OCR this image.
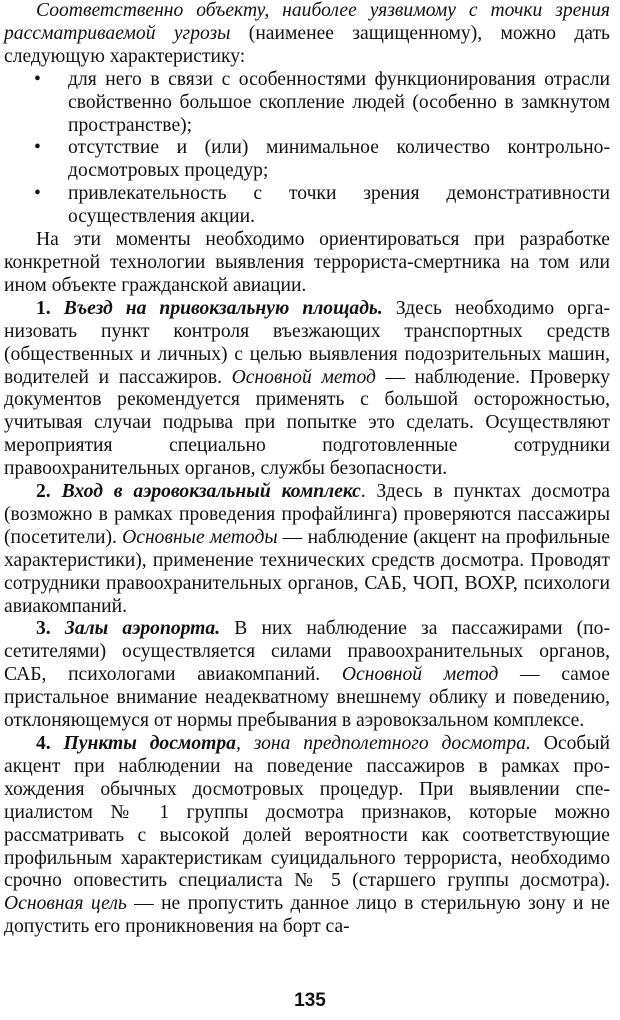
Соответственно объекту, наиболее уязвимому с точки зрения рассматриваемой угрозы (наименее защищенному), можно дать следующую характеристику:

• для него в связи с особенностями функционирования отрасли свойственно большое скопление людей (особенно в замкнутом пространстве);
• отсутствие и (или) минимальное количество контрольно-досмотровых процедур;
• привлекательность с точки зрения демонстративности осуществления акции.

На эти моменты необходимо ориентироваться при разработке конкретной технологии выявления террориста-смертника на том или ином объекте гражданской авиации.

1. Въезд на привокзальную площадь. Здесь необходимо организовать пункт контроля въезжающих транспортных средств (общественных и личных) с целью выявления подозрительных машин, водителей и пассажиров. Основной метод — наблюдение. Проверку документов рекомендуется применять с большой осторожностью, учитывая случаи подрыва при попытке это сделать. Осуществляют мероприятия специально подготовленные сотрудники правоохранительных органов, службы безопасности.

2. Вход в аэровокзальный комплекс. Здесь в пунктах досмотра (возможно в рамках проведения профайлинга) проверяются пассажиры (посетители). Основные методы — наблюдение (акцент на профильные характеристики), применение технических средств досмотра. Проводят сотрудники правоохранительных органов, САБ, ЧОП, ВОХР, психологи авиакомпаний.

3. Залы аэропорта. В них наблюдение за пассажирами (посетителями) осуществляется силами правоохранительных органов, САБ, психологами авиакомпаний. Основной метод — самое пристальное внимание неадекватному внешнему облику и поведению, отклоняющемуся от нормы пребывания в аэровокзальном комплексе.

4. Пункты досмотра, зона предполетного досмотра. Особый акцент при наблюдении на поведение пассажиров в рамках прохождения обычных досмотровых процедур. При выявлении специалистом № 1 группы досмотра признаков, которые можно рассматривать с высокой долей вероятности как соответствующие профильным характеристикам суицидального террориста, необходимо срочно оповестить специалиста № 5 (старшего группы досмотра). Основная цель — не пропустить данное лицо в стерильную зону и не допустить его проникновения на борт са-

135
